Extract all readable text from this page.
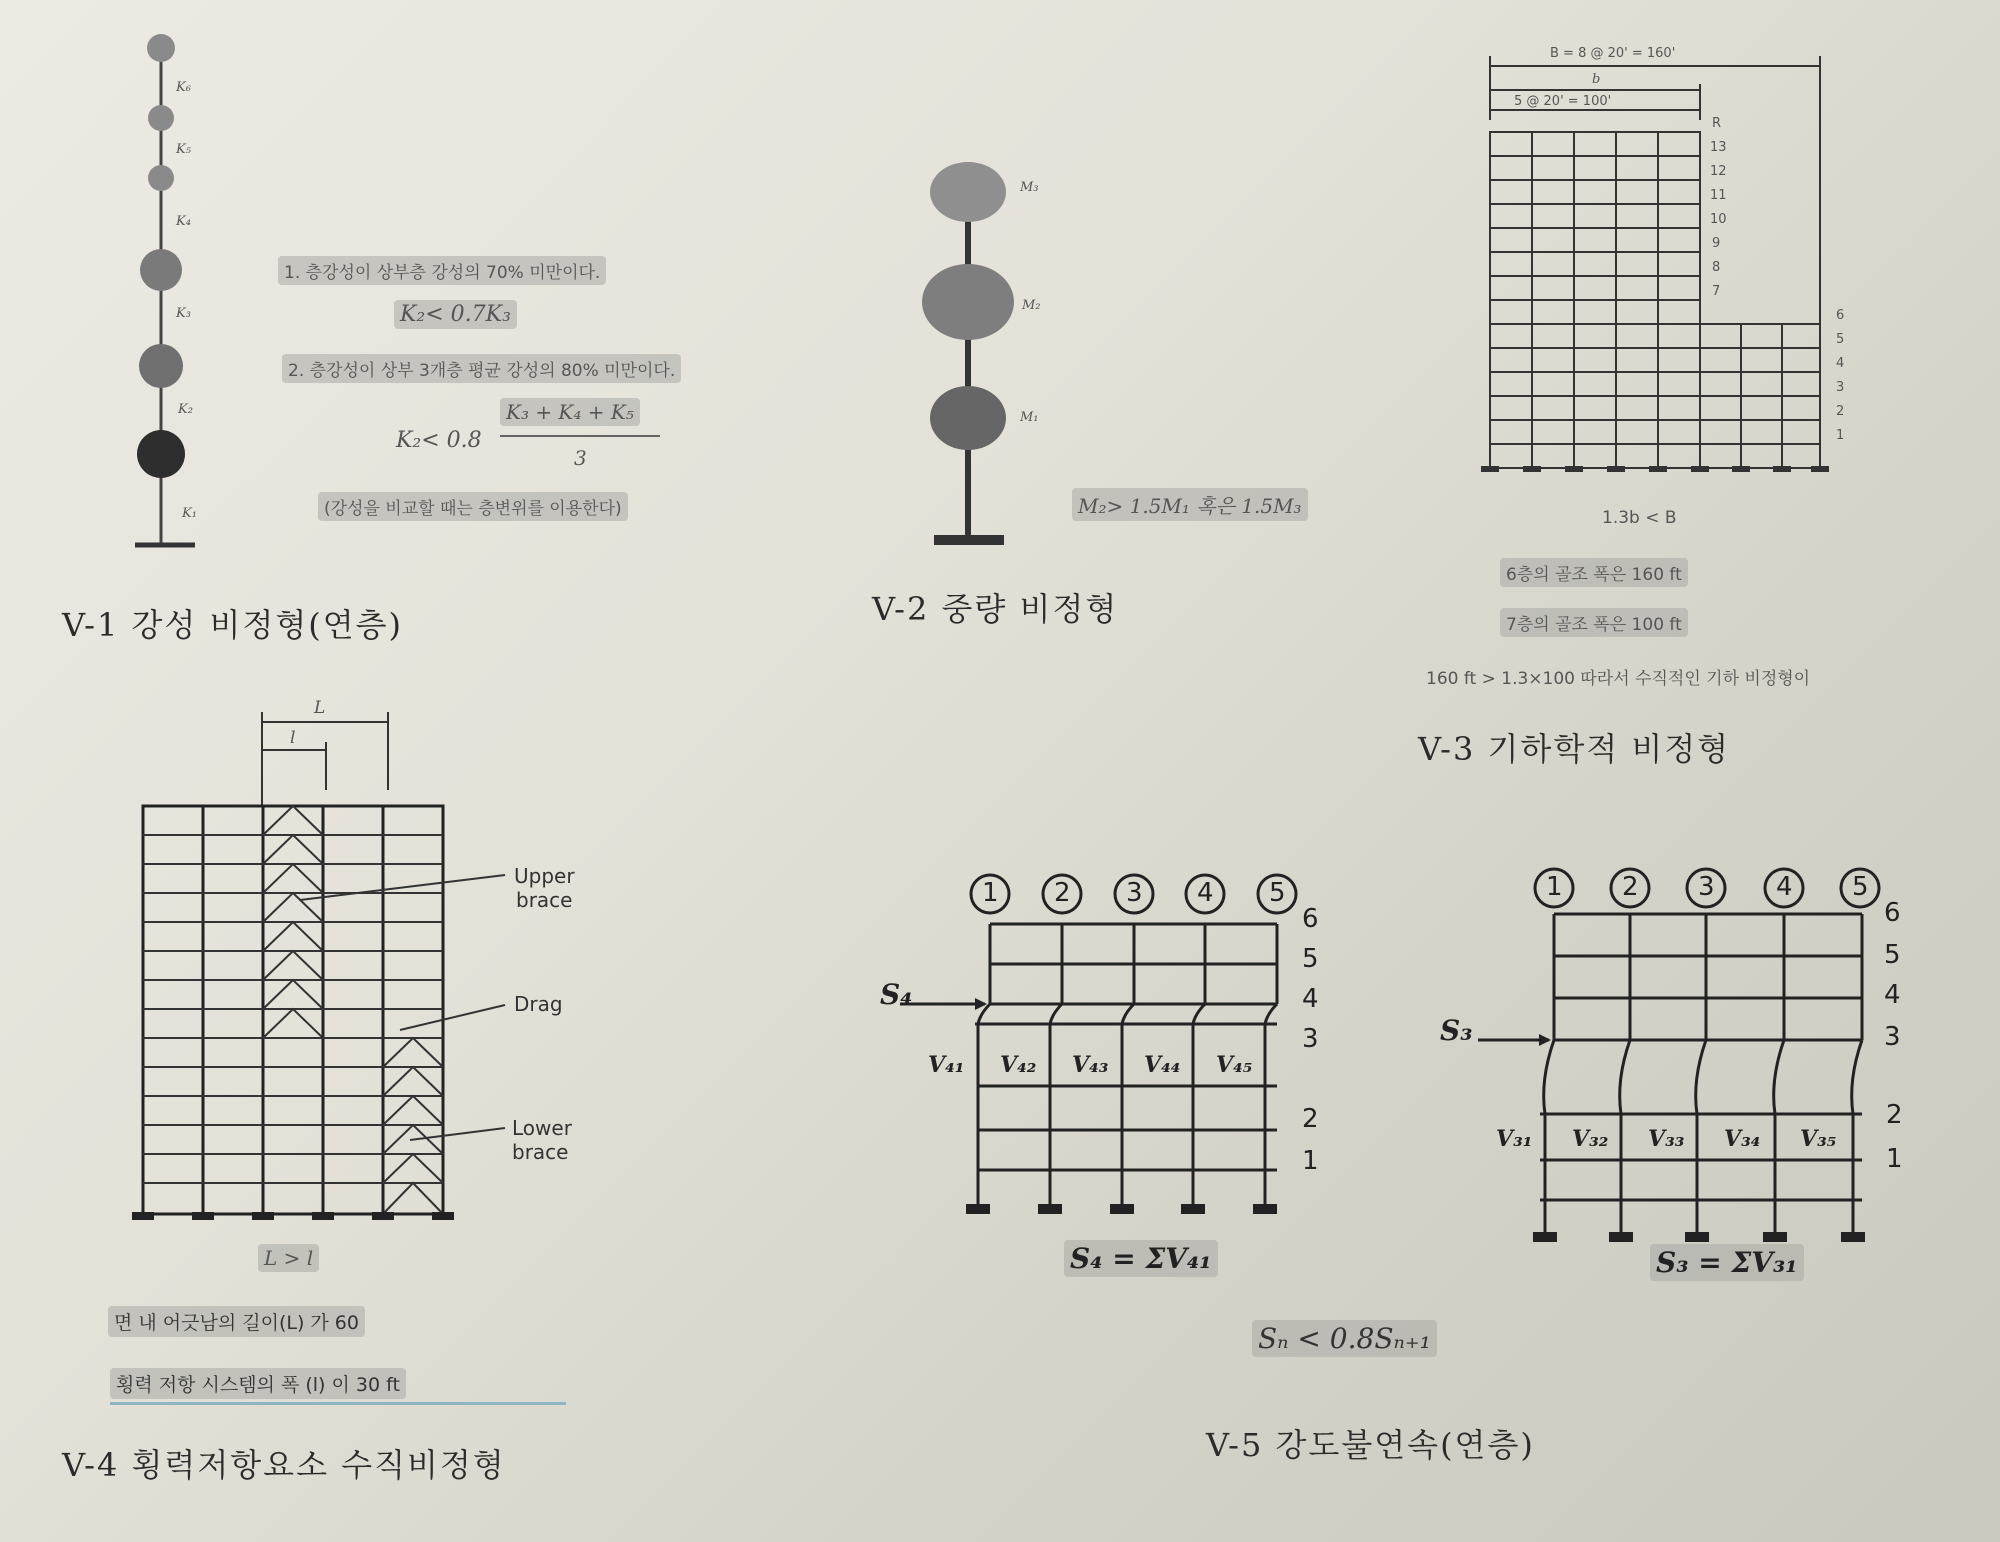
K₆
K₅
K₄
K₃
K₂
K₁
1. 층강성이 상부층 강성의 70% 미만이다.
K₂< 0.7K₃
2. 층강성이 상부 3개층 평균 강성의 80% 미만이다.
K₂< 0.8
K₃ + K₄ + K₅
3
(강성을 비교할 때는 층변위를 이용한다)
V-1 강성 비정형(연층)
M₃
M₂
M₁
M₂> 1.5M₁ 혹은 1.5M₃
V-2 중량 비정형
B = 8 @ 20' = 160'
b
5 @ 20' = 100'
R
13
12
11
10
9
8
7
6
5
4
3
2
1
1.3b < B
6층의 골조 폭은 160 ft
7층의 골조 폭은 100 ft
160 ft > 1.3×100 따라서 수직적인 기하 비정형이
V-3 기하학적 비정형
L
l
Upper
brace
Drag
Lower
brace
L > l
면 내 어긋남의 길이(L) 가 60
횡력 저항 시스템의 폭 (l) 이 30 ft
V-4 횡력저항요소 수직비정형
1 2 3 4 5
6
5
4
3
2
1
S₄
V₄₁ V₄₂ V₄₃ V₄₄ V₄₅
S₄ = ΣV₄₁
1 2 3 4 5
6
5
4
3
2
1
S₃
V₃₁ V₃₂ V₃₃ V₃₄ V₃₅
S₃ = ΣV₃₁
Sₙ < 0.8Sₙ₊₁
V-5 강도불연속(연층)
